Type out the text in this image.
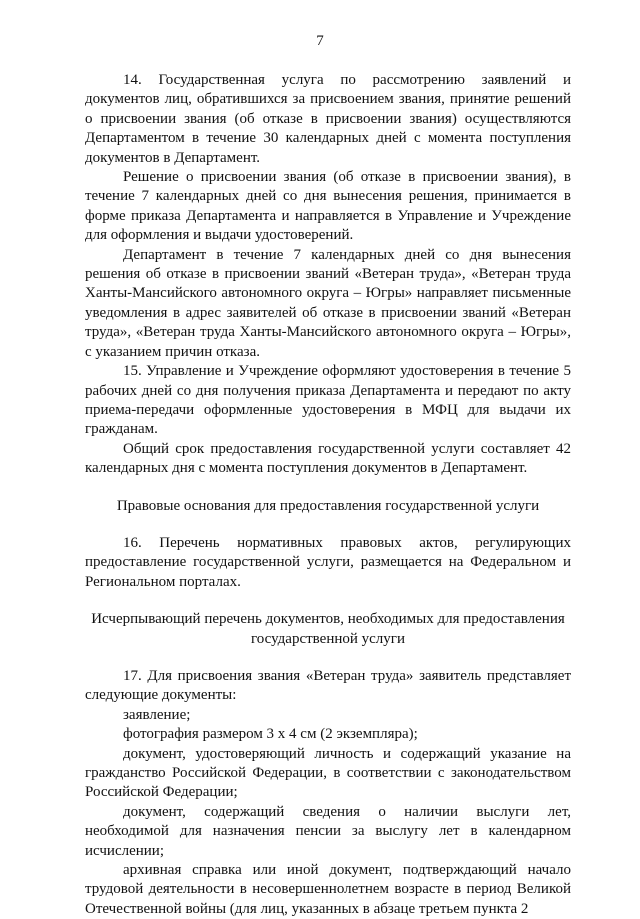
7

14. Государственная услуга по рассмотрению заявлений и документов лиц, обратившихся за присвоением звания, принятие решений о присвоении звания (об отказе в присвоении звания) осуществляются Департаментом в течение 30 календарных дней с момента поступления документов в Департамент.

Решение о присвоении звания (об отказе в присвоении звания), в течение 7 календарных дней со дня вынесения решения, принимается в форме приказа Департамента и направляется в Управление и Учреждение для оформления и выдачи удостоверений.

Департамент в течение 7 календарных дней со дня вынесения решения об отказе в присвоении званий «Ветеран труда», «Ветеран труда Ханты-Мансийского автономного округа – Югры» направляет письменные уведомления в адрес заявителей об отказе в присвоении званий «Ветеран труда», «Ветеран труда Ханты-Мансийского автономного округа – Югры», с указанием причин отказа.

15. Управление и Учреждение оформляют удостоверения в течение 5 рабочих дней со дня получения приказа Департамента и передают по акту приема-передачи оформленные удостоверения в МФЦ для выдачи их гражданам.

Общий срок предоставления государственной услуги составляет 42 календарных дня с момента поступления документов в Департамент.

Правовые основания для предоставления государственной услуги

16. Перечень нормативных правовых актов, регулирующих предоставление государственной услуги, размещается на Федеральном и Региональном порталах.

Исчерпывающий перечень документов, необходимых для предоставления государственной услуги

17. Для присвоения звания «Ветеран труда» заявитель представляет следующие документы:

заявление;

фотография размером 3 х 4 см (2 экземпляра);

документ, удостоверяющий личность и содержащий указание на гражданство Российской Федерации, в соответствии с законодательством Российской Федерации;

документ, содержащий сведения о наличии выслуги лет, необходимой для назначения пенсии за выслугу лет в календарном исчислении;

архивная справка или иной документ, подтверждающий начало трудовой деятельности в несовершеннолетнем возрасте в период Великой Отечественной войны (для лиц, указанных в абзаце третьем пункта 2
